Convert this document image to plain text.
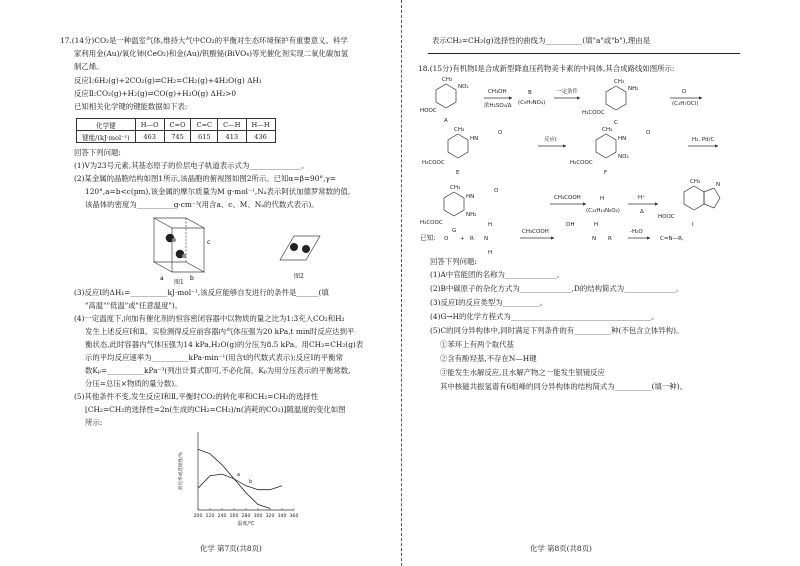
17.(14分)CO₂是一种温室气体,维持大气中CO₂的平衡对生态环境保护有重要意义。科学
家利用金(Au)/氧化铈(CeO₂)和金(Au)/钒酸铋(BiVO₄)等光催化剂实现二氧化碳加氢
制乙烯。
反应Ⅰ:6H₂(g)+2CO₂(g)⇌CH₂=CH₂(g)+4H₂O(g) ΔH₁
反应Ⅱ:CO₂(g)+H₂(g)⇌CO(g)+H₂O(g) ΔH₂>0
已知相关化学键的键能数据如下表:
化学键	H—O	C=O	C=C	C—H	H—H
键能/(kJ·mol⁻¹)	463	745	615	413	436
回答下列问题:
(1)V为23号元素,其基态原子的价层电子轨道表示式为______________。
(2)某金属的晶胞结构如图1所示,该晶胞的俯视图如图2所示。已知α=β=90°,γ=
120°,a=b<c(pm),该金属的摩尔质量为M g·mol⁻¹,Nₐ表示阿伏加德罗常数的值,
该晶体的密度为__________g·cm⁻³(用含a、c、M、Nₐ的代数式表示)。
c
a	b
图1
图2
(3)反应Ⅰ的ΔH₁=__________kJ·mol⁻¹,该反应能够自发进行的条件是______(填
"高温""低温"或"任意温度")。
(4)一定温度下,向加有催化剂的恒容密闭容器中以物质的量之比为1:3充入CO₂和H₂
发生上述反应Ⅰ和Ⅱ。实验测得反应前容器内气体压强为20 kPa,t min时反应达到平
衡状态,此时容器内气体压强为14 kPa,H₂O(g)的分压为8.5 kPa。用CH₂=CH₂(g)表
示的平均反应速率为__________kPa·min⁻¹(用含t的代数式表示);反应Ⅰ的平衡常
数Kₚ=__________kPa⁻³(列出计算式即可,不必化简。Kₚ为用分压表示的平衡常数,
分压=总压×物质的量分数)。
(5)其他条件不变,发生反应Ⅰ和Ⅱ,平衡时CO₂的转化率和CH₂=CH₂的选择性
[CH₂=CH₂的选择性=2n(生成的CH₂=CH₂)/n(消耗的CO₂)]随温度的变化如图
所示:
200 220 240 260 280 300 320 340 360
转化率或选择性/%
温度/℃
a
b
化学 第7页(共8页)
表示CH₂=CH₂(g)选择性的曲线为__________(填"a"或"b"),理由是
18.(15分)有机物Ⅰ是合成新型降血压药物美卡素的中间体,其合成路线如图所示:
NO₂
CH₃
HOOC
A
CH₃OH
浓H₂SO₄/Δ
B
(C₉H₉NO₄)
一定条件
CH₃
NH₂
H₃COOC
C
D
(C₄H₇OCl)
CH₃
HN
O
H₃COOC
E
反应Ⅰ
CH₃
HN
O
NO₂
H₃COOC
F
H₂, Pd/C
CH₃
HN
O
NH₂
H₃COOC
G
CH₃COOH	H
(C₁₂H₁₄N₂O₂)
H⁺
Δ
CH₃
HOOC
N
I
已知: O + R
H
N
H
CH₃COOH
OH	H
N R
-H₂O
C=N—R。
回答下列问题:
(1)A中官能团的名称为______________。
(2)B中碳原子的杂化方式为______________,D的结构简式为______________。
(3)反应Ⅰ的反应类型为__________。
(4)G→H的化学方程式为______________________________________。
(5)C的同分异构体中,同时满足下列条件的有__________种(不包含立体异构)。
①苯环上有两个取代基
②含有酚羟基,不存在N—H键
③能发生水解反应,且水解产物之一能发生银镜反应
其中核磁共振氢谱有6组峰的同分异构体的结构简式为__________(填一种)。
化学 第8页(共8页)
